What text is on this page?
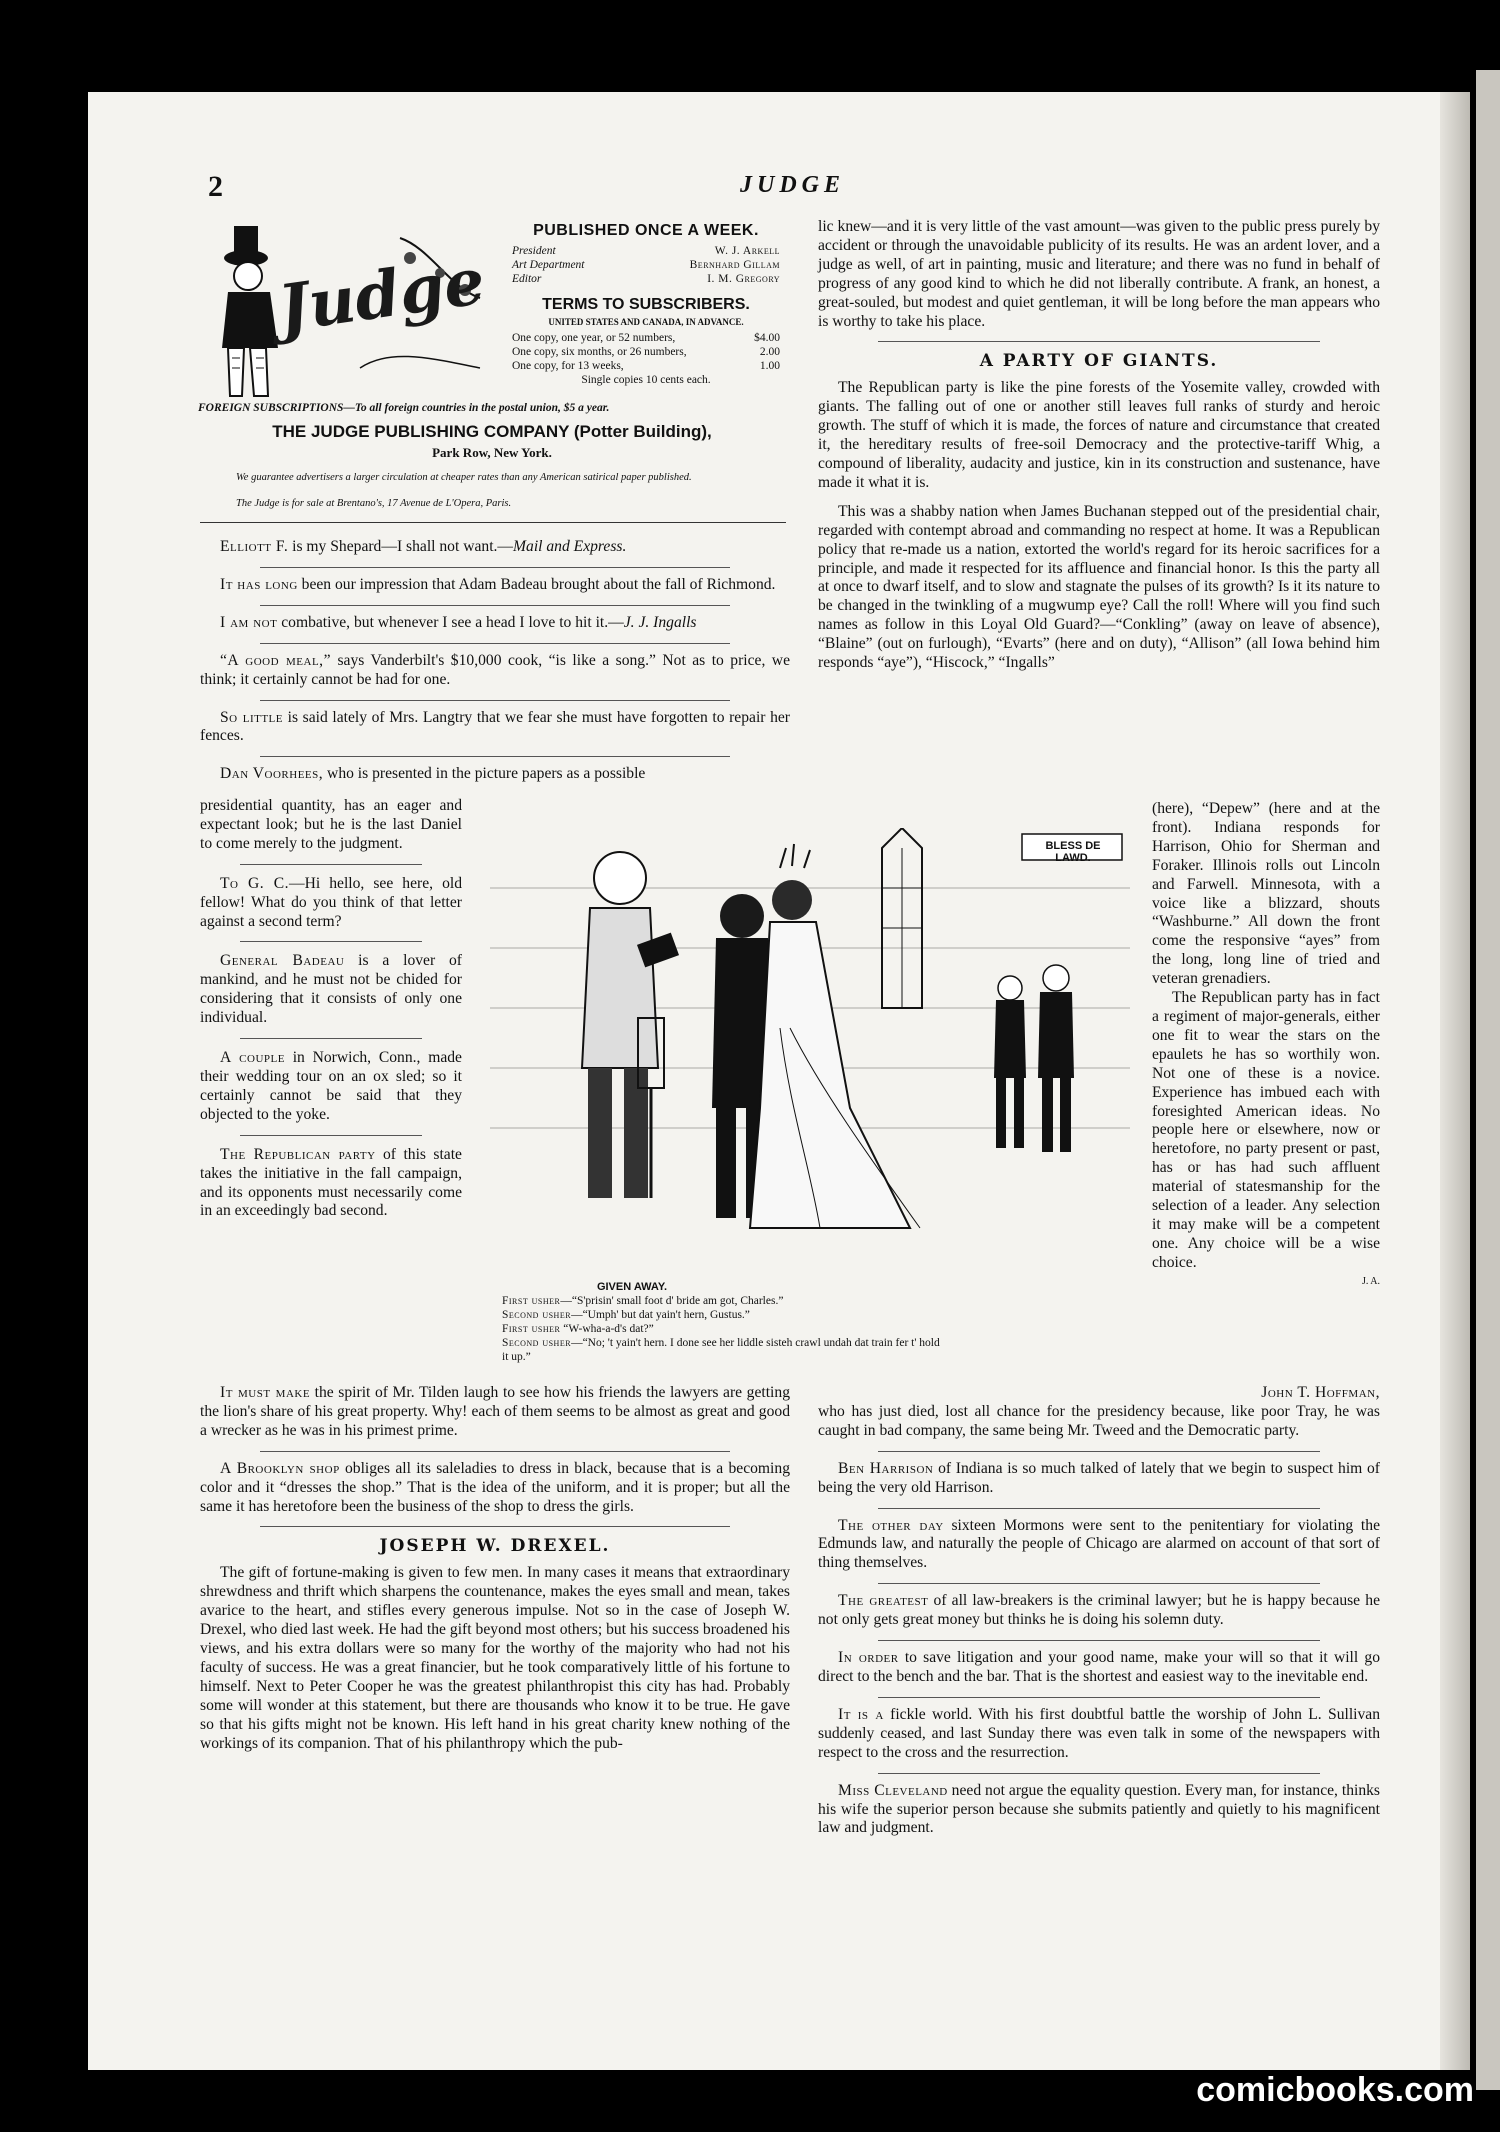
2	JUDGE
Judge
PUBLISHED ONCE A WEEK.
President	W. J. Arkell
Art Department	Bernhard Gillam
Editor	I. M. Gregory
TERMS TO SUBSCRIBERS.
UNITED STATES AND CANADA, IN ADVANCE.
One copy, one year, or 52 numbers,	$4.00
One copy, six months, or 26 numbers,	2.00
One copy, for 13 weeks,	1.00
Single copies 10 cents each.
FOREIGN SUBSCRIPTIONS—To all foreign countries in the postal union, $5 a year.
THE JUDGE PUBLISHING COMPANY (Potter Building),
Park Row, New York.
We guarantee advertisers a larger circulation at cheaper rates than any American satirical paper published.
The Judge is for sale at Brentano's, 17 Avenue de L'Opera, Paris.

Elliott F. is my Shepard—I shall not want.—Mail and Express.

It has long been our impression that Adam Badeau brought about the fall of Richmond.

I am not combative, but whenever I see a head I love to hit it.—J. J. Ingalls

“A good meal,” says Vanderbilt's $10,000 cook, “is like a song.” Not as to price, we think; it certainly cannot be had for one.

So little is said lately of Mrs. Langtry that we fear she must have forgotten to repair her fences.

Dan Voorhees, who is presented in the picture papers as a possible

presidential quantity, has an eager and expectant look; but he is the last Daniel to come merely to the judgment.

To G. C.—Hi hello, see here, old fellow! What do you think of that letter against a second term?

General Badeau is a lover of mankind, and he must not be chided for considering that it consists of only one individual.

A couple in Norwich, Conn., made their wedding tour on an ox sled; so it certainly cannot be said that they objected to the yoke.

The Republican party of this state takes the initiative in the fall campaign, and its opponents must necessarily come in an exceedingly bad second.

BLESS DE LAWD.
GIVEN AWAY.
First usher—“S'prisin' small foot d' bride am got, Charles.”
Second usher—“Umph' but dat yain't hern, Gustus.”
First usher “W-wha-a-d's dat?”
Second usher—“No; 't yain't hern. I done see her liddle sisteh crawl undah dat train fer t' hold it up.”

It must make the spirit of Mr. Tilden laugh to see how his friends the lawyers are getting the lion's share of his great property. Why! each of them seems to be almost as great and good a wrecker as he was in his primest prime.

A Brooklyn shop obliges all its saleladies to dress in black, because that is a becoming color and it “dresses the shop.” That is the idea of the uniform, and it is proper; but all the same it has heretofore been the business of the shop to dress the girls.

JOSEPH W. DREXEL.

The gift of fortune-making is given to few men. In many cases it means that extraordinary shrewdness and thrift which sharpens the countenance, makes the eyes small and mean, takes avarice to the heart, and stifles every generous impulse. Not so in the case of Joseph W. Drexel, who died last week. He had the gift beyond most others; but his success broadened his views, and his extra dollars were so many for the worthy of the majority who had not his faculty of success. He was a great financier, but he took comparatively little of his fortune to himself. Next to Peter Cooper he was the greatest philanthropist this city has had. Probably some will wonder at this statement, but there are thousands who know it to be true. He gave so that his gifts might not be known. His left hand in his great charity knew nothing of the workings of its companion. That of his philanthropy which the pub-

lic knew—and it is very little of the vast amount—was given to the public press purely by accident or through the unavoidable publicity of its results. He was an ardent lover, and a judge as well, of art in painting, music and literature; and there was no fund in behalf of progress of any good kind to which he did not liberally contribute. A frank, an honest, a great-souled, but modest and quiet gentleman, it will be long before the man appears who is worthy to take his place.

A PARTY OF GIANTS.

The Republican party is like the pine forests of the Yosemite valley, crowded with giants. The falling out of one or another still leaves full ranks of sturdy and heroic growth. The stuff of which it is made, the forces of nature and circumstance that created it, the hereditary results of free-soil Democracy and the protective-tariff Whig, a compound of liberality, audacity and justice, kin in its construction and sustenance, have made it what it is.

This was a shabby nation when James Buchanan stepped out of the presidential chair, regarded with contempt abroad and commanding no respect at home. It was a Republican policy that re-made us a nation, extorted the world's regard for its heroic sacrifices for a principle, and made it respected for its affluence and financial honor. Is this the party all at once to dwarf itself, and to slow and stagnate the pulses of its growth? Is it its nature to be changed in the twinkling of a mugwump eye? Call the roll! Where will you find such names as follow in this Loyal Old Guard?—“Conkling” (away on leave of absence), “Blaine” (out on furlough), “Evarts” (here and on duty), “Allison” (all Iowa behind him responds “aye”), “Hiscock,” “Ingalls”

(here), “Depew” (here and at the front). Indiana responds for Harrison, Ohio for Sherman and Foraker. Illinois rolls out Lincoln and Farwell. Minnesota, with a voice like a blizzard, shouts “Washburne.” All down the front come the responsive “ayes” from the long, long line of tried and veteran grenadiers.

The Republican party has in fact a regiment of major-generals, either one fit to wear the stars on the epaulets he has so worthily won. Not one of these is a novice. Experience has imbued each with foresighted American ideas. No people here or elsewhere, now or heretofore, no party present or past, has or has had such affluent material of statesmanship for the selection of a leader. Any selection it may make will be a competent one. Any choice will be a wise choice.

J. A.

John T. Hoffman,
who has just died, lost all chance for the presidency because, like poor Tray, he was caught in bad company, the same being Mr. Tweed and the Democratic party.

Ben Harrison of Indiana is so much talked of lately that we begin to suspect him of being the very old Harrison.

The other day sixteen Mormons were sent to the penitentiary for violating the Edmunds law, and naturally the people of Chicago are alarmed on account of that sort of thing themselves.

The greatest of all law-breakers is the criminal lawyer; but he is happy because he not only gets great money but thinks he is doing his solemn duty.

In order to save litigation and your good name, make your will so that it will go direct to the bench and the bar. That is the shortest and easiest way to the inevitable end.

It is a fickle world. With his first doubtful battle the worship of John L. Sullivan suddenly ceased, and last Sunday there was even talk in some of the newspapers with respect to the cross and the resurrection.

Miss Cleveland need not argue the equality question. Every man, for instance, thinks his wife the superior person because she submits patiently and quietly to his magnificent law and judgment.

comicbooks.com
